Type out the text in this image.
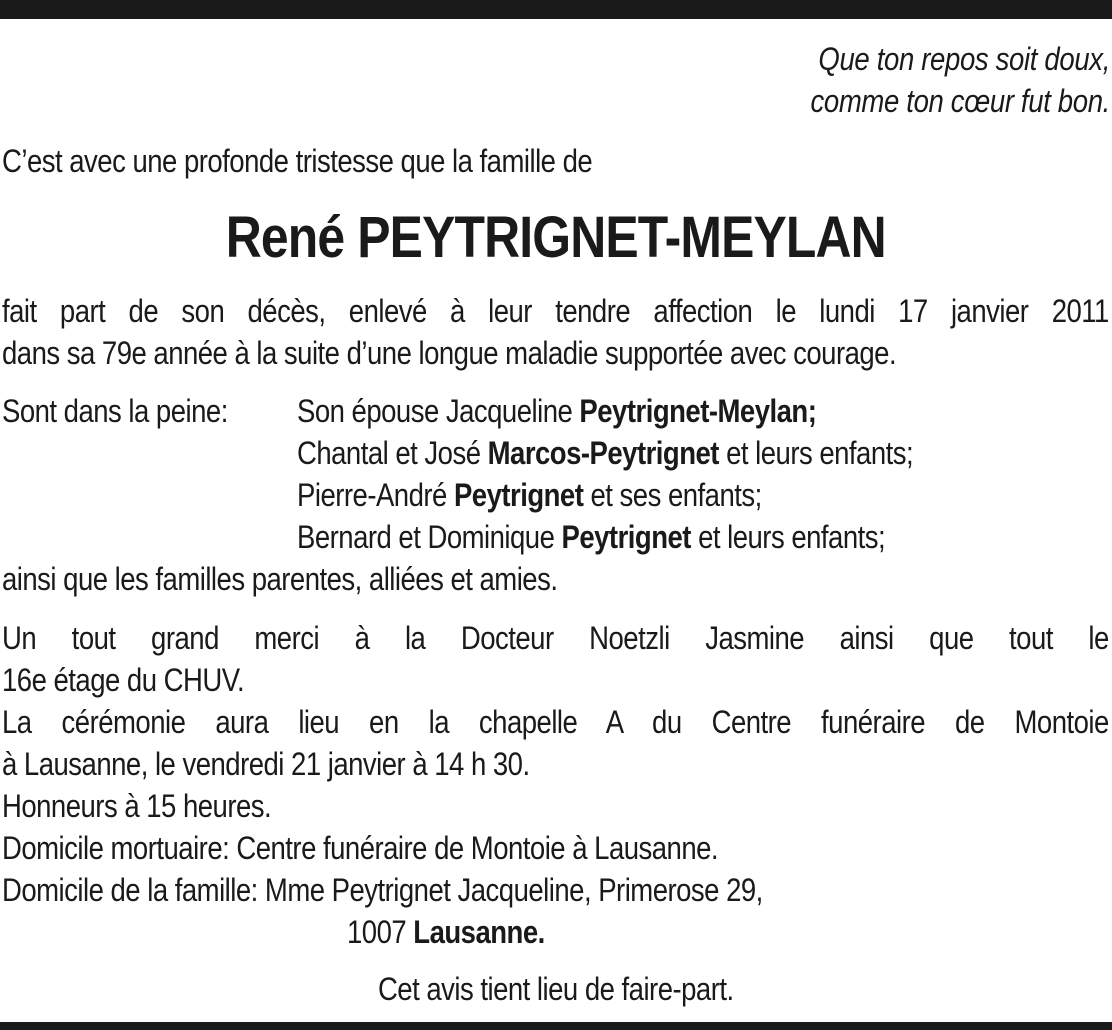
Que ton repos soit doux,
comme ton cœur fut bon.
C’est avec une profonde tristesse que la famille de
René PEYTRIGNET-MEYLAN
fait part de son décès, enlevé à leur tendre affection le lundi 17 janvier 2011
dans sa 79e année à la suite d’une longue maladie supportée avec courage.
Sont dans la peine: Son épouse Jacqueline Peytrignet-Meylan;
Chantal et José Marcos-Peytrignet et leurs enfants;
Pierre-André Peytrignet et ses enfants;
Bernard et Dominique Peytrignet et leurs enfants;
ainsi que les familles parentes, alliées et amies.
Un tout grand merci à la Docteur Noetzli Jasmine ainsi que tout le
16e étage du CHUV.
La cérémonie aura lieu en la chapelle A du Centre funéraire de Montoie
à Lausanne, le vendredi 21 janvier à 14 h 30.
Honneurs à 15 heures.
Domicile mortuaire: Centre funéraire de Montoie à Lausanne.
Domicile de la famille: Mme Peytrignet Jacqueline, Primerose 29,
1007 Lausanne.
Cet avis tient lieu de faire-part.
